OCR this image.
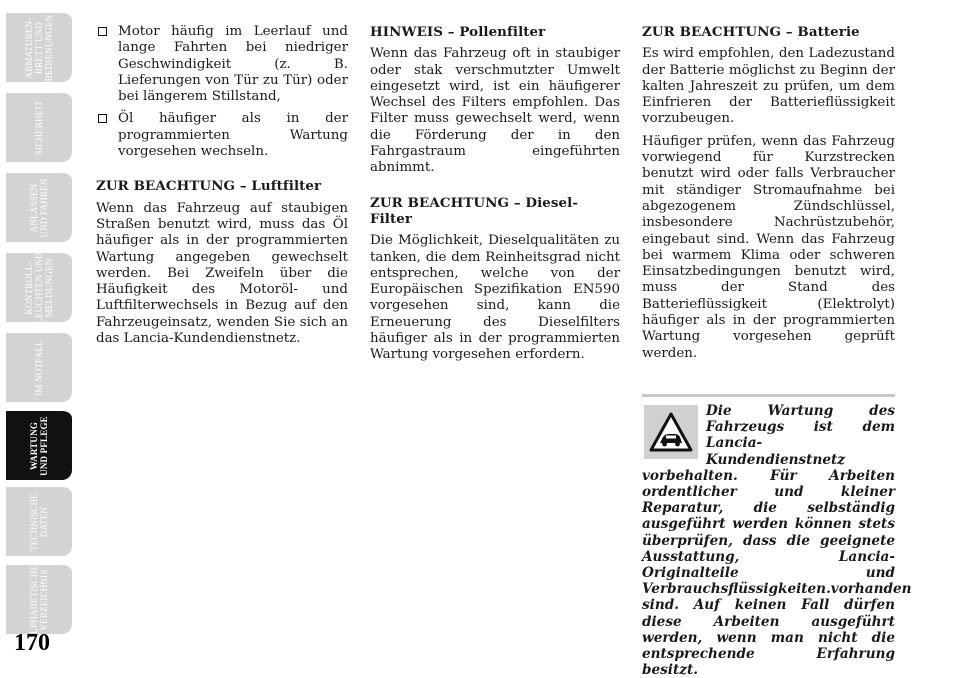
ARMATUREN-
BRETT UND
BEDIENUNGEN
SICHERHEIT
ANLASSEN
UND FAHREN
KONTROLL-
LEUCHTEN UND
MELDUNGEN
IM NOTFALL
WARTUNG
UND PFLEGE
TECHNISCHE
DATEN
ALPHABETISCHES
VERZEICHNIS
170
Motor häufig im Leerlauf und lange Fahrten bei niedriger Geschwindigkeit (z. B. Lieferungen von Tür zu Tür) oder bei längerem Stillstand,
Öl häufiger als in der programmierten Wartung vorgesehen wechseln.
ZUR BEACHTUNG – Luftfilter

Wenn das Fahrzeug auf staubigen Straßen benutzt wird, muss das Öl häufiger als in der programmierten Wartung angegeben gewechselt werden. Bei Zweifeln über die Häufigkeit des Motoröl- und Luftfilterwechsels in Bezug auf den Fahrzeugeinsatz, wenden Sie sich an das Lancia-Kundendienstnetz.

HINWEIS – Pollenfilter

Wenn das Fahrzeug oft in staubiger oder stak verschmutzter Umwelt eingesetzt wird, ist ein häufigerer Wechsel des Filters empfohlen. Das Filter muss gewechselt werd, wenn die Förderung der in den Fahrgastraum eingeführten abnimmt.

ZUR BEACHTUNG – Diesel-Filter

Die Möglichkeit, Dieselqualitäten zu tanken, die dem Reinheitsgrad nicht entsprechen, welche von der Europäischen Spezifikation EN590 vorgesehen sind, kann die Erneuerung des Dieselfilters häufiger als in der programmierten Wartung vorgesehen erfordern.

ZUR BEACHTUNG – Batterie

Es wird empfohlen, den Ladezustand der Batterie möglichst zu Beginn der kalten Jahreszeit zu prüfen, um dem Einfrieren der Batterieflüssigkeit vorzubeugen.

Häufiger prüfen, wenn das Fahrzeug vorwiegend für Kurzstrecken benutzt wird oder falls Verbraucher mit ständiger Stromaufnahme bei abgezogenem Zündschlüssel, insbesondere Nachrüstzubehör, eingebaut sind. Wenn das Fahrzeug bei warmem Klima oder schweren Einsatzbedingungen benutzt wird, muss der Stand des Batterieflüssigkeit (Elektrolyt) häufiger als in der programmierten Wartung vorgesehen geprüft werden.

Die Wartung des Fahrzeugs ist dem Lancia-Kundendienstnetz vorbehalten. Für Arbeiten ordentlicher und kleiner Reparatur, die selbständig ausgeführt werden können stets überprüfen, dass die geeignete Ausstattung, Lancia-Originalteile und Verbrauchsflüssigkeiten.vorhanden sind. Auf keinen Fall dürfen diese Arbeiten ausgeführt werden, wenn man nicht die entsprechende Erfahrung besitzt.
